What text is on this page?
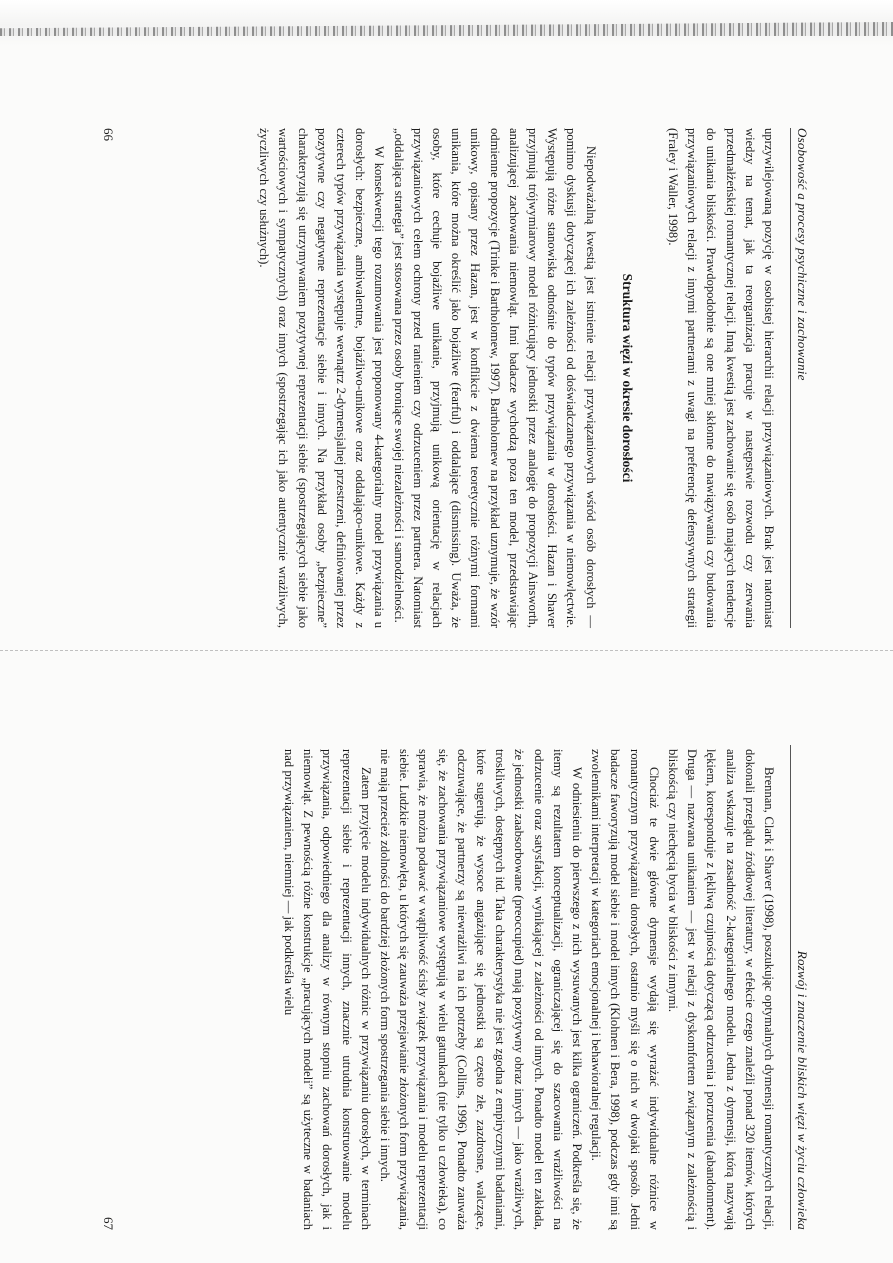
Osobowość a procesy psychiczne i zachowanie

uprzywilejowaną pozycję w osobistej hierarchii relacji przywiązaniowych. Brak jest natomiast wiedzy na temat, jak ta reorganizacja pracuje w następstwie rozwodu czy zerwania przedmałżeńskiej romantycznej relacji. Inną kwestią jest zachowanie się osób mających tendencje do unikania bliskości. Prawdopodobnie są one mniej skłonne do nawiązywania czy budowania przywiązaniowych relacji z innymi partnerami z uwagi na preferencję defensywnych strategii (Fraley i Waller, 1998).

Struktura więzi w okresie dorosłości

Niepodważalną kwestią jest istnienie relacji przywiązaniowych wśród osób dorosłych — pomimo dyskusji dotyczącej ich zależności od doświadczanego przywiązania w niemowlęctwie. Występują różne stanowiska odnośnie do typów przywiązania w dorosłości. Hazan i Shaver przyjmują trójwymiarowy model różnicujący jednostki przez analogię do propozycji Ainsworth, analizującej zachowania niemowląt. Inni badacze wychodzą poza ten model, przedstawiając odmienne propozycje (Trinke i Bartholomew, 1997). Bartholomew na przykład uznymuje, że wzór unikowy, opisany przez Hazan, jest w konflikcie z dwiema teoretycznie różnymi formami unikania, które można określić jako bojaźliwe (fearful) i oddalające (dismissing). Uważa, że osoby, które cechuje bojaźliwe unikanie, przyjmują unikową orientację w relacjach przywiązaniowych celem ochrony przed ranieniem czy odrzuceniem przez partnera. Natomiast „oddalająca strategia” jest stosowana przez osoby broniące swojej niezależności i samodzielności.

W konsekwencji tego rozumowania jest proponowany 4-kategorialny model przywiązania u dorosłych: bezpieczne, ambiwalentne, bojaźliwo-unikowe oraz oddalająco-unikowe. Każdy z czterech typów przywiązania występuje wewnątrz 2-dymensjalnej przestrzeni, definiowanej przez pozytywne czy negatywne reprezentacje siebie i innych. Na przykład osoby „bezpieczne” charakteryzują się utrzymywaniem pozytywnej reprezentacji siebie (spostrzegających siebie jako wartościowych i sympatycznych) oraz innych (spostrzegając ich jako autentycznie wrażliwych, życzliwych czy usłużnych).

66
Rozwój i znaczenie bliskich więzi w życiu człowieka

Brennan, Clark i Shaver (1998), poszukując optymalnych dymensji romantycznych relacji, dokonali przeglądu źródłowej literatury, w efekcie czego znaleźli ponad 320 itemów, których analiza wskazuje na zasadność 2-kategorialnego modelu. Jedna z dymensji, którą nazywają lękiem, koresponduje z lękliwą czujnością dotyczącą odrzucenia i porzucenia (abandonment). Druga — nazwana unikaniem — jest w relacji z dyskomfortem związanym z zależnością i bliskością czy niechęcią bycia w bliskości z innymi.

Chociaż te dwie główne dymensje wydają się wyrażać indywidualne różnice w romantycznym przywiązaniu dorosłych, ostatnio myśli się o nich w dwojaki sposób. Jedni badacze faworyzują model siebie i model innych (Klohnen i Bera, 1998), podczas gdy inni są zwolennikami interpretacji w kategoriach emocjonalnej i behawioralnej regulacji.

W odniesieniu do pierwszego z nich wysuwanych jest kilka ograniczeń. Podkreśla się, że itemy są rezultatem konceptualizacji, ograniczającej się do szacowania wrażliwości na odrzucenie oraz satysfakcji, wynikającej z zależności od innych. Ponadto model ten zakłada, że jednostki zaabsorbowane (preoccupied) mają pozytywny obraz innych — jako wrażliwych, troskliwych, dostępnych itd. Taka charakterystyka nie jest zgodna z empirycznymi badaniami, które sugerują, że wysoce angażujące się jednostki są często złe, zazdrosne, walczące, odczuwające, że partnerzy są niewrażliwi na ich potrzeby (Collins, 1996). Ponadto zauważa się, że zachowania przywiązaniowe występują w wielu gatunkach (nie tylko u człowieka), co sprawia, że można podawać w wątpliwość ścisły związek przywiązania i modelu reprezentacji siebie. Ludzkie niemowlęta, u których się zauważa przejawianie złożonych form przywiązania, nie mają przecież zdolności do bardziej złożonych form spostrzegania siebie i innych.

Zatem przyjęcie modelu indywidualnych różnic w przywiązaniu dorosłych, w terminach reprezentacji siebie i reprezentacji innych, znacznie utrudnia konstruowanie modelu przywiązania, odpowiedniego dla analizy w równym stopniu zachowań dorosłych, jak i niemowląt. Z pewnością różne konstrukcje „pracujących modeli” są użyteczne w badaniach nad przywiązaniem, niemniej — jak podkreśla wielu

67
